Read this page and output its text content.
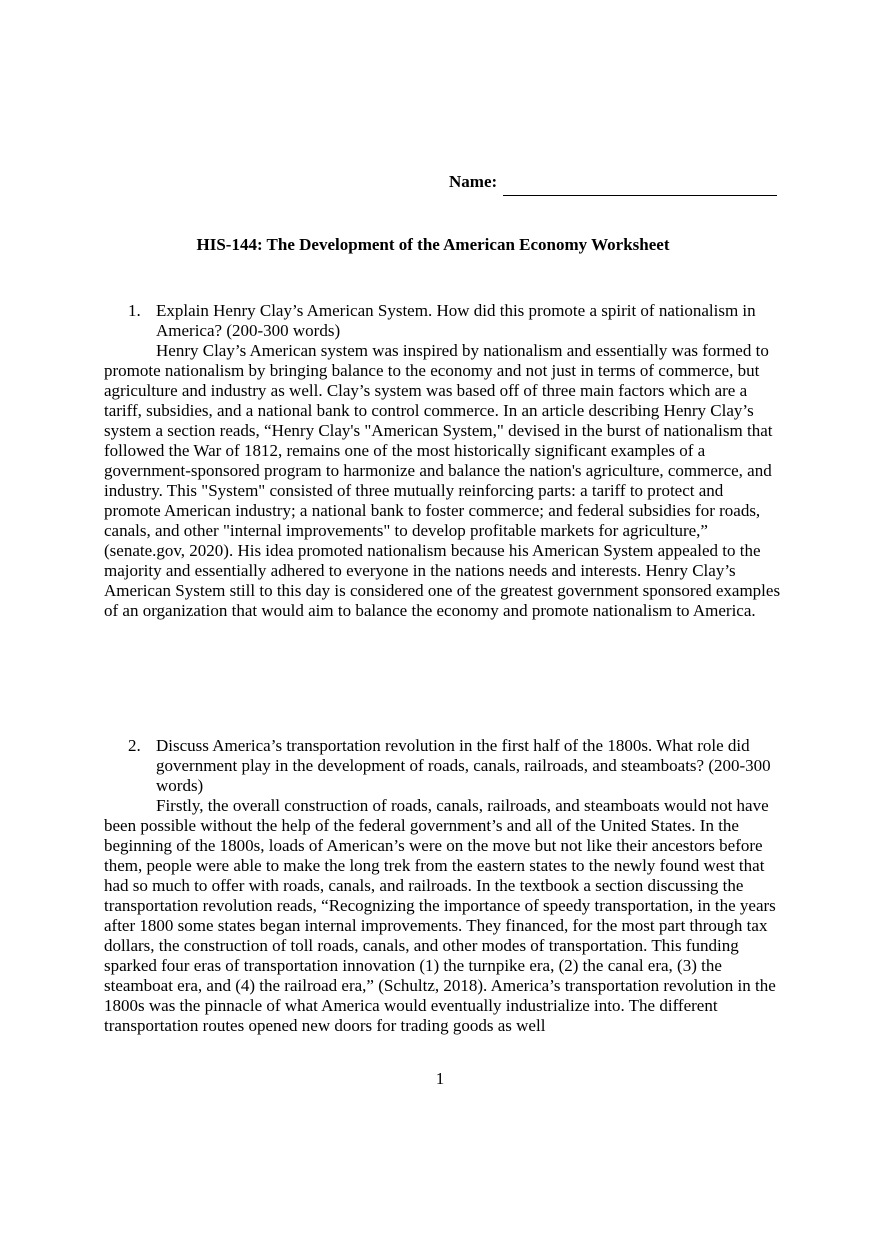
Name:
HIS-144: The Development of the American Economy Worksheet
1. Explain Henry Clay’s American System. How did this promote a spirit of nationalism in America? (200-300 words)

Henry Clay’s American system was inspired by nationalism and essentially was formed to promote nationalism by bringing balance to the economy and not just in terms of commerce, but agriculture and industry as well. Clay’s system was based off of three main factors which are a tariff, subsidies, and a national bank to control commerce. In an article describing Henry Clay’s system a section reads, “Henry Clay's "American System," devised in the burst of nationalism that followed the War of 1812, remains one of the most historically significant examples of a government-sponsored program to harmonize and balance the nation's agriculture, commerce, and industry. This "System" consisted of three mutually reinforcing parts: a tariff to protect and promote American industry; a national bank to foster commerce; and federal subsidies for roads, canals, and other "internal improvements" to develop profitable markets for agriculture,” (senate.gov, 2020). His idea promoted nationalism because his American System appealed to the majority and essentially adhered to everyone in the nations needs and interests. Henry Clay’s American System still to this day is considered one of the greatest government sponsored examples of an organization that would aim to balance the economy and promote nationalism to America.

2. Discuss America’s transportation revolution in the first half of the 1800s. What role did government play in the development of roads, canals, railroads, and steamboats? (200-300 words)

Firstly, the overall construction of roads, canals, railroads, and steamboats would not have been possible without the help of the federal government’s and all of the United States. In the beginning of the 1800s, loads of American’s were on the move but not like their ancestors before them, people were able to make the long trek from the eastern states to the newly found west that had so much to offer with roads, canals, and railroads. In the textbook a section discussing the transportation revolution reads, “Recognizing the importance of speedy transportation, in the years after 1800 some states began internal improvements. They financed, for the most part through tax dollars, the construction of toll roads, canals, and other modes of transportation. This funding sparked four eras of transportation innovation (1) the turnpike era, (2) the canal era, (3) the steamboat era, and (4) the railroad era,” (Schultz, 2018). America’s transportation revolution in the 1800s was the pinnacle of what America would eventually industrialize into. The different transportation routes opened new doors for trading goods as well

1
